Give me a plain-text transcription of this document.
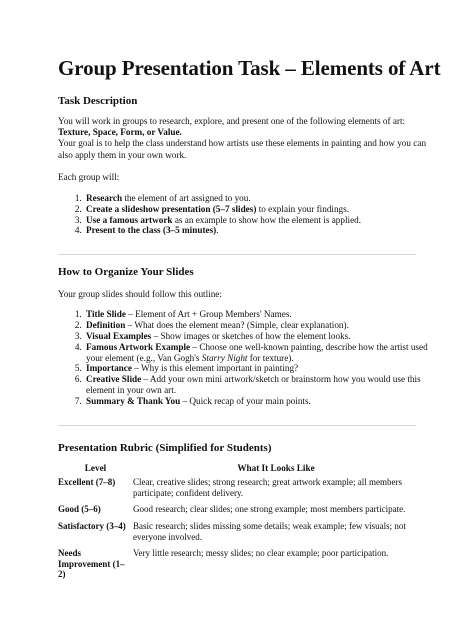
Group Presentation Task – Elements of Art
Task Description

You will work in groups to research, explore, and present one of the following elements of art: Texture, Space, Form, or Value.

Your goal is to help the class understand how artists use these elements in painting and how you can also apply them in your own work.

Each group will:

1. Research the element of art assigned to you.
2. Create a slideshow presentation (5–7 slides) to explain your findings.
3. Use a famous artwork as an example to show how the element is applied.
4. Present to the class (3–5 minutes).
How to Organize Your Slides

Your group slides should follow this outline:

1. Title Slide – Element of Art + Group Members' Names.
2. Definition – What does the element mean? (Simple, clear explanation).
3. Visual Examples – Show images or sketches of how the element looks.
4. Famous Artwork Example – Choose one well-known painting, describe how the artist used your element (e.g., Van Gogh's Starry Night for texture).
5. Importance – Why is this element important in painting?
6. Creative Slide – Add your own mini artwork/sketch or brainstorm how you would use this element in your own art.
7. Summary & Thank You – Quick recap of your main points.
Presentation Rubric (Simplified for Students)
Level	What It Looks Like
Excellent (7–8)	Clear, creative slides; strong research; great artwork example; all members participate; confident delivery.
Good (5–6)	Good research; clear slides; one strong example; most members participate.
Satisfactory (3–4)	Basic research; slides missing some details; weak example; few visuals; not everyone involved.
Needs Improvement (1–2)	Very little research; messy slides; no clear example; poor participation.
